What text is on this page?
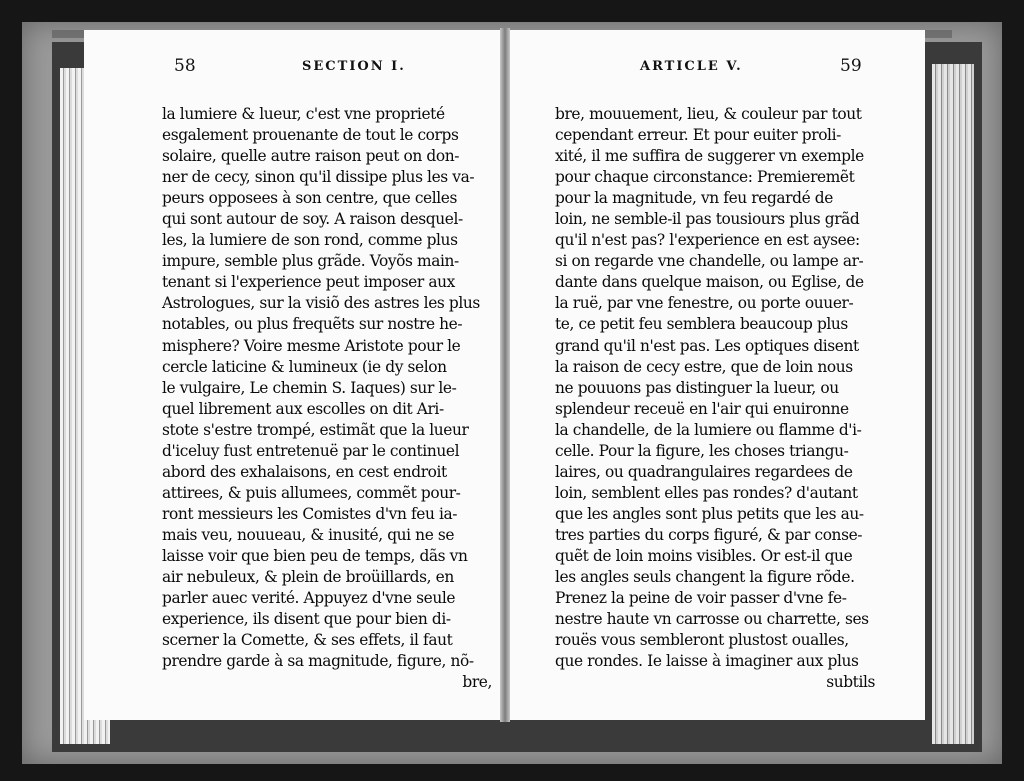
58	SECTION I.	ARTICLE V.	59
la lumiere & lueur, c'est vne proprieté
esgalement prouenante de tout le corps
solaire, quelle autre raison peut on don-
ner de cecy, sinon qu'il dissipe plus les va-
peurs opposees à son centre, que celles
qui sont autour de soy. A raison desquel-
les, la lumiere de son rond, comme plus
impure, semble plus grãde. Voyõs main-
tenant si l'experience peut imposer aux
Astrologues, sur la visiõ des astres les plus
notables, ou plus frequẽts sur nostre he-
misphere? Voire mesme Aristote pour le
cercle laticine & lumineux (ie dy selon
le vulgaire, Le chemin S. Iaques) sur le-
quel librement aux escolles on dit Ari-
stote s'estre trompé, estimãt que la lueur
d'iceluy fust entretenuë par le continuel
abord des exhalaisons, en cest endroit
attirees, & puis allumees, commẽt pour-
ront messieurs les Comistes d'vn feu ia-
mais veu, nouueau, & inusité, qui ne se
laisse voir que bien peu de temps, dãs vn
air nebuleux, & plein de broüillards, en
parler auec verité. Appuyez d'vne seule
experience, ils disent que pour bien di-
scerner la Comette, & ses effets, il faut
prendre garde à sa magnitude, figure, nõ-
bre,
bre, mouuement, lieu, & couleur par tout
cependant erreur. Et pour euiter proli-
xité, il me suffira de suggerer vn exemple
pour chaque circonstance: Premieremẽt
pour la magnitude, vn feu regardé de
loin, ne semble-il pas tousiours plus grãd
qu'il n'est pas? l'experience en est aysee:
si on regarde vne chandelle, ou lampe ar-
dante dans quelque maison, ou Eglise, de
la ruë, par vne fenestre, ou porte ouuer-
te, ce petit feu semblera beaucoup plus
grand qu'il n'est pas. Les optiques disent
la raison de cecy estre, que de loin nous
ne pouuons pas distinguer la lueur, ou
splendeur receuë en l'air qui enuironne
la chandelle, de la lumiere ou flamme d'i-
celle. Pour la figure, les choses triangu-
laires, ou quadrangulaires regardees de
loin, semblent elles pas rondes? d'autant
que les angles sont plus petits que les au-
tres parties du corps figuré, & par conse-
quẽt de loin moins visibles. Or est-il que
les angles seuls changent la figure rõde.
Prenez la peine de voir passer d'vne fe-
nestre haute vn carrosse ou charrette, ses
rouës vous sembleront plustost oualles,
que rondes. Ie laisse à imaginer aux plus
subtils
